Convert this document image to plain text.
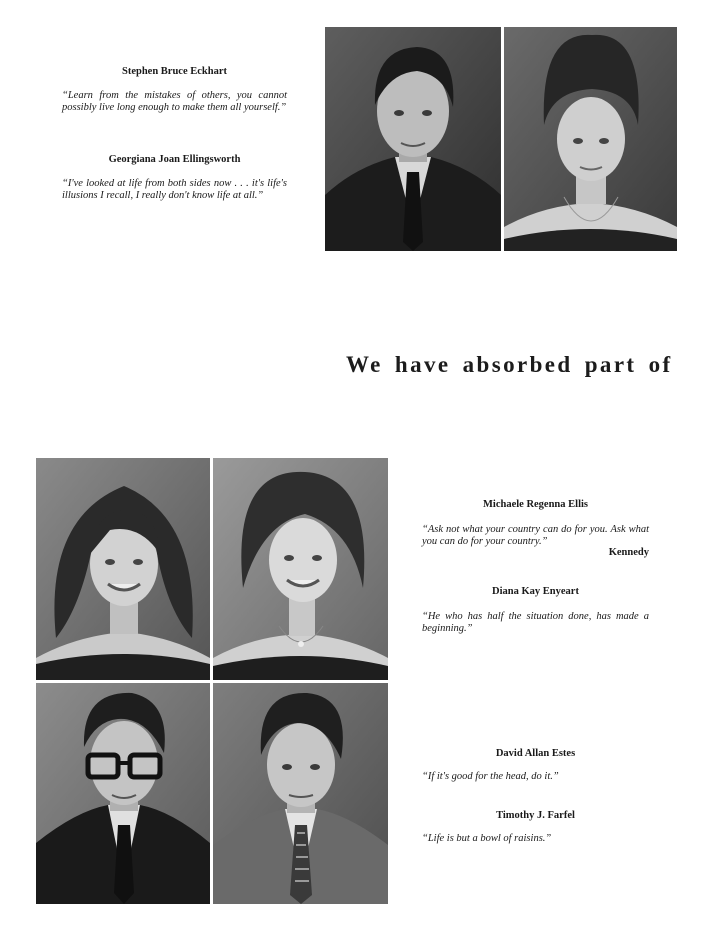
Stephen Bruce Eckhart

“Learn from the mistakes of others, you cannot possibly live long enough to make them all yourself.”

Georgiana Joan Ellingsworth

“I've looked at life from both sides now . . . it's life's illusions I recall, I really don't know life at all.”

We have absorbed part of

Michaele Regenna Ellis

“Ask not what your country can do for you. Ask what you can do for your country.”

Kennedy

Diana Kay Enyeart

“He who has half the situation done, has made a beginning.”

David Allan Estes

“If it's good for the head, do it.”

Timothy J. Farfel

“Life is but a bowl of raisins.”
